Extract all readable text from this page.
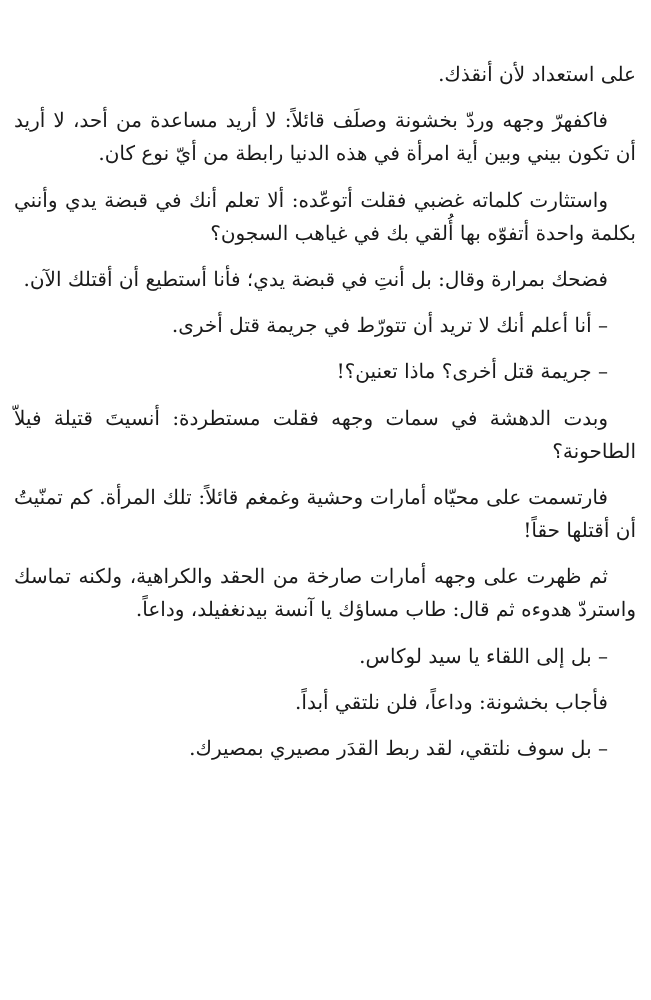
على استعداد لأن أنقذك.

فاكفهرّ وجهه وردّ بخشونة وصلَف قائلاً: لا أريد مساعدة من أحد، لا أريد أن تكون بيني وبين أية امرأة في هذه الدنيا رابطة من أيّ نوع كان.

واستثارت كلماته غضبي فقلت أتوعّده: ألا تعلم أنك في قبضة يدي وأنني بكلمة واحدة أتفوّه بها أُلقي بك في غياهب السجون؟

فضحك بمرارة وقال: بل أنتِ في قبضة يدي؛ فأنا أستطيع أن أقتلك الآن.

– أنا أعلم أنك لا تريد أن تتورّط في جريمة قتل أخرى.

– جريمة قتل أخرى؟ ماذا تعنين؟!

وبدت الدهشة في سمات وجهه فقلت مستطردة: أنسيتَ قتيلة فيلاّ الطاحونة؟

فارتسمت على محيّاه أمارات وحشية وغمغم قائلاً: تلك المرأة. كم تمنّيتُ أن أقتلها حقاً!

ثم ظهرت على وجهه أمارات صارخة من الحقد والكراهية، ولكنه تماسك واستردّ هدوءه ثم قال: طاب مساؤك يا آنسة بيدنغفيلد، وداعاً.

– بل إلى اللقاء يا سيد لوكاس.

فأجاب بخشونة: وداعاً، فلن نلتقي أبداً.

– بل سوف نلتقي، لقد ربط القدَر مصيري بمصيرك.
